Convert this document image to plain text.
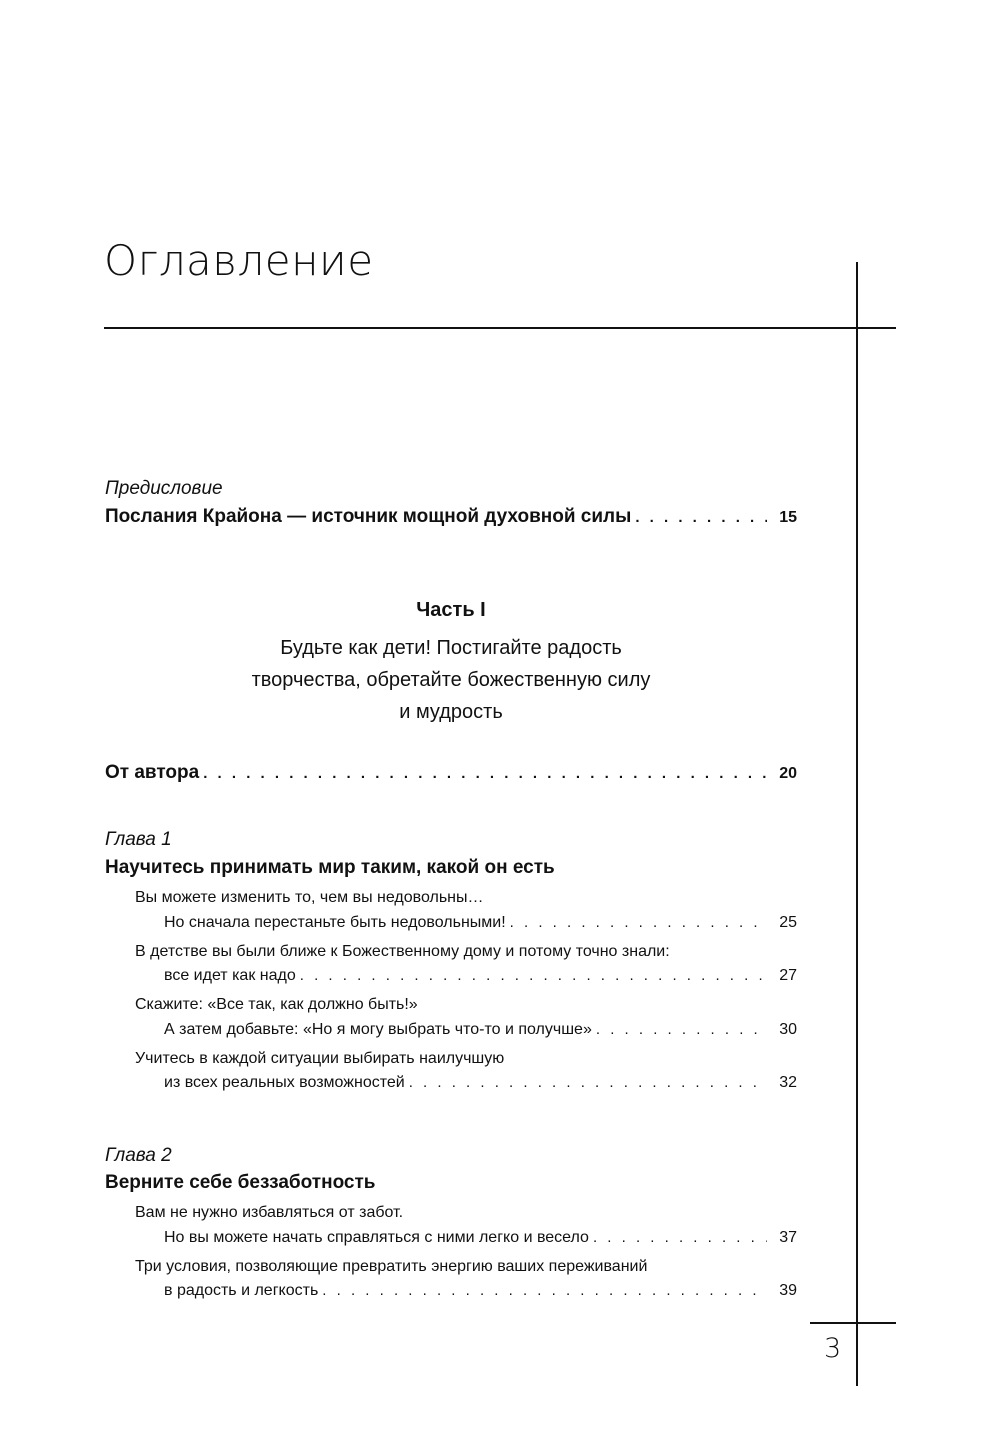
Оглавление
Предисловие
Послания Крайона — источник мощной духовной силы . . .	15
Часть I
Будьте как дети! Постигайте радость
творчества, обретайте божественную силу
и мудрость
От автора . . .	20
Глава 1
Научитесь принимать мир таким, какой он есть
Вы можете изменить то, чем вы недовольны…
Но сначала перестаньте быть недовольными! . . .	25
В детстве вы были ближе к Божественному дому и потому точно знали:
все идет как надо . . .	27
Скажите: «Все так, как должно быть!»
А затем добавьте: «Но я могу выбрать что-то и получше» . . .	30
Учитесь в каждой ситуации выбирать наилучшую
из всех реальных возможностей . . .	32
Глава 2
Верните себе беззаботность
Вам не нужно избавляться от забот.
Но вы можете начать справляться с ними легко и весело . . .	37
Три условия, позволяющие превратить энергию ваших переживаний
в радость и легкость . . .	39
3
